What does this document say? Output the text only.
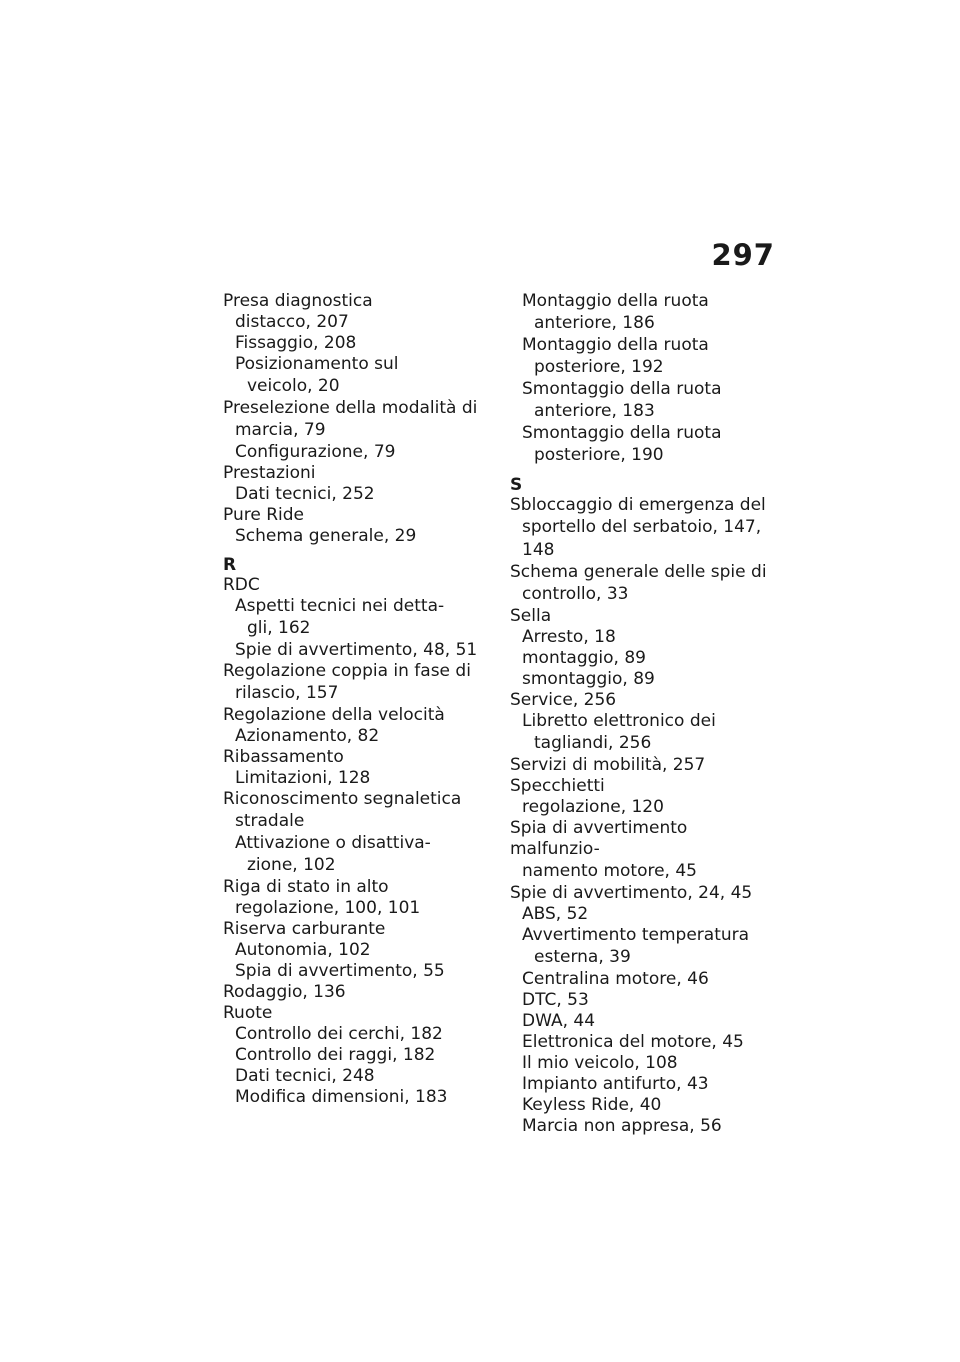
297
Presa diagnostica
distacco, 207
Fissaggio, 208
Posizionamento sul
veicolo, 20
Preselezione della modalità di
marcia, 79
Configurazione, 79
Prestazioni
Dati tecnici, 252
Pure Ride
Schema generale, 29
R
RDC
Aspetti tecnici nei detta-
gli, 162
Spie di avvertimento, 48, 51
Regolazione coppia in fase di
rilascio, 157
Regolazione della velocità
Azionamento, 82
Ribassamento
Limitazioni, 128
Riconoscimento segnaletica
stradale
Attivazione o disattiva-
zione, 102
Riga di stato in alto
regolazione, 100, 101
Riserva carburante
Autonomia, 102
Spia di avvertimento, 55
Rodaggio, 136
Ruote
Controllo dei cerchi, 182
Controllo dei raggi, 182
Dati tecnici, 248
Modifica dimensioni, 183
Montaggio della ruota
anteriore, 186
Montaggio della ruota
posteriore, 192
Smontaggio della ruota
anteriore, 183
Smontaggio della ruota
posteriore, 190
S
Sbloccaggio di emergenza del
sportello del serbatoio, 147,
148
Schema generale delle spie di
controllo, 33
Sella
Arresto, 18
montaggio, 89
smontaggio, 89
Service, 256
Libretto elettronico dei
tagliandi, 256
Servizi di mobilità, 257
Specchietti
regolazione, 120
Spia di avvertimento malfunzio-
namento motore, 45
Spie di avvertimento, 24, 45
ABS, 52
Avvertimento temperatura
esterna, 39
Centralina motore, 46
DTC, 53
DWA, 44
Elettronica del motore, 45
Il mio veicolo, 108
Impianto antifurto, 43
Keyless Ride, 40
Marcia non appresa, 56
